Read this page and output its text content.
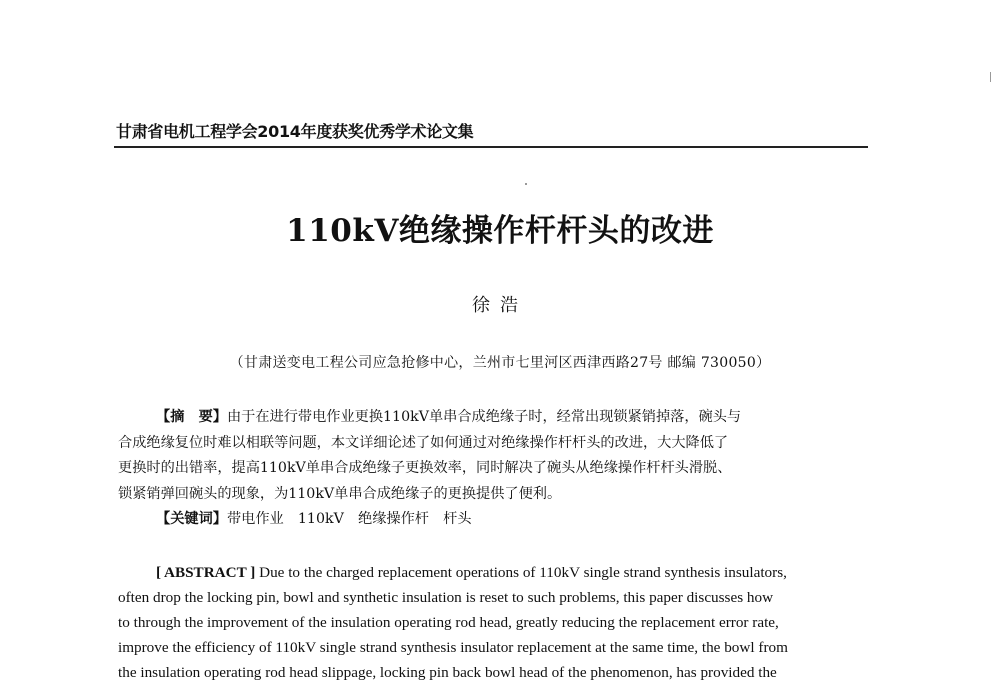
甘肃省电机工程学会2014年度获奖优秀学术论文集
110kV绝缘操作杆杆头的改进
徐浩
（甘肃送变电工程公司应急抢修中心，兰州市七里河区西津西路27号 邮编 730050）
【摘　要】由于在进行带电作业更换110kV单串合成绝缘子时，经常出现锁紧销掉落，碗头与
合成绝缘复位时难以相联等问题，本文详细论述了如何通过对绝缘操作杆杆头的改进，大大降低了
更换时的出错率，提高110kV单串合成绝缘子更换效率，同时解决了碗头从绝缘操作杆杆头滑脱、
锁紧销弹回碗头的现象，为110kV单串合成绝缘子的更换提供了便利。
【关键词】带电作业　110kV　绝缘操作杆　杆头
[ ABSTRACT ] Due to the charged replacement operations of 110kV single strand synthesis insulators,
often drop the locking pin, bowl and synthetic insulation is reset to such problems, this paper discusses how
to through the improvement of the insulation operating rod head, greatly reducing the replacement error rate,
improve the efficiency of 110kV single strand synthesis insulator replacement at the same time, the bowl from
the insulation operating rod head slippage, locking pin back bowl head of the phenomenon, has provided the
